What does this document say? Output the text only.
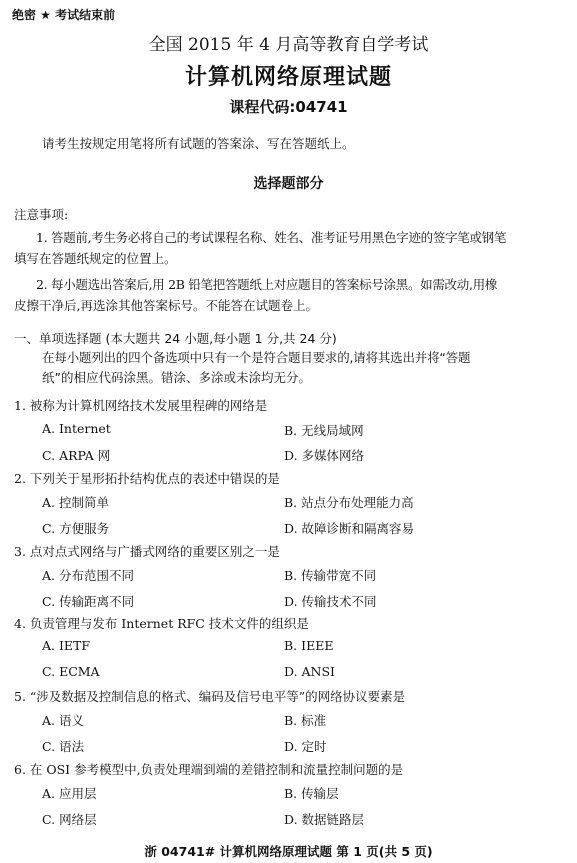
绝密 ★ 考试结束前
全国 2015 年 4 月高等教育自学考试
计算机网络原理试题
课程代码:04741
请考生按规定用笔将所有试题的答案涂、写在答题纸上。
选择题部分
注意事项:
1. 答题前,考生务必将自己的考试课程名称、姓名、准考证号用黑色字迹的签字笔或钢笔
填写在答题纸规定的位置上。
2. 每小题选出答案后,用 2B 铅笔把答题纸上对应题目的答案标号涂黑。如需改动,用橡
皮擦干净后,再选涂其他答案标号。不能答在试题卷上。
一、单项选择题 (本大题共 24 小题,每小题 1 分,共 24 分)
在每小题列出的四个备选项中只有一个是符合题目要求的,请将其选出并将“答题
纸”的相应代码涂黑。错涂、多涂或未涂均无分。
1. 被称为计算机网络技术发展里程碑的网络是
A. Internet	B. 无线局域网
C. ARPA 网	D. 多媒体网络
2. 下列关于星形拓扑结构优点的表述中错误的是
A. 控制简单	B. 站点分布处理能力高
C. 方便服务	D. 故障诊断和隔离容易
3. 点对点式网络与广播式网络的重要区别之一是
A. 分布范围不同	B. 传输带宽不同
C. 传输距离不同	D. 传输技术不同
4. 负责管理与发布 Internet RFC 技术文件的组织是
A. IETF	B. IEEE
C. ECMA	D. ANSI
5. “涉及数据及控制信息的格式、编码及信号电平等”的网络协议要素是
A. 语义	B. 标准
C. 语法	D. 定时
6. 在 OSI 参考模型中,负责处理端到端的差错控制和流量控制问题的是
A. 应用层	B. 传输层
C. 网络层	D. 数据链路层
浙 04741# 计算机网络原理试题 第 1 页(共 5 页)
